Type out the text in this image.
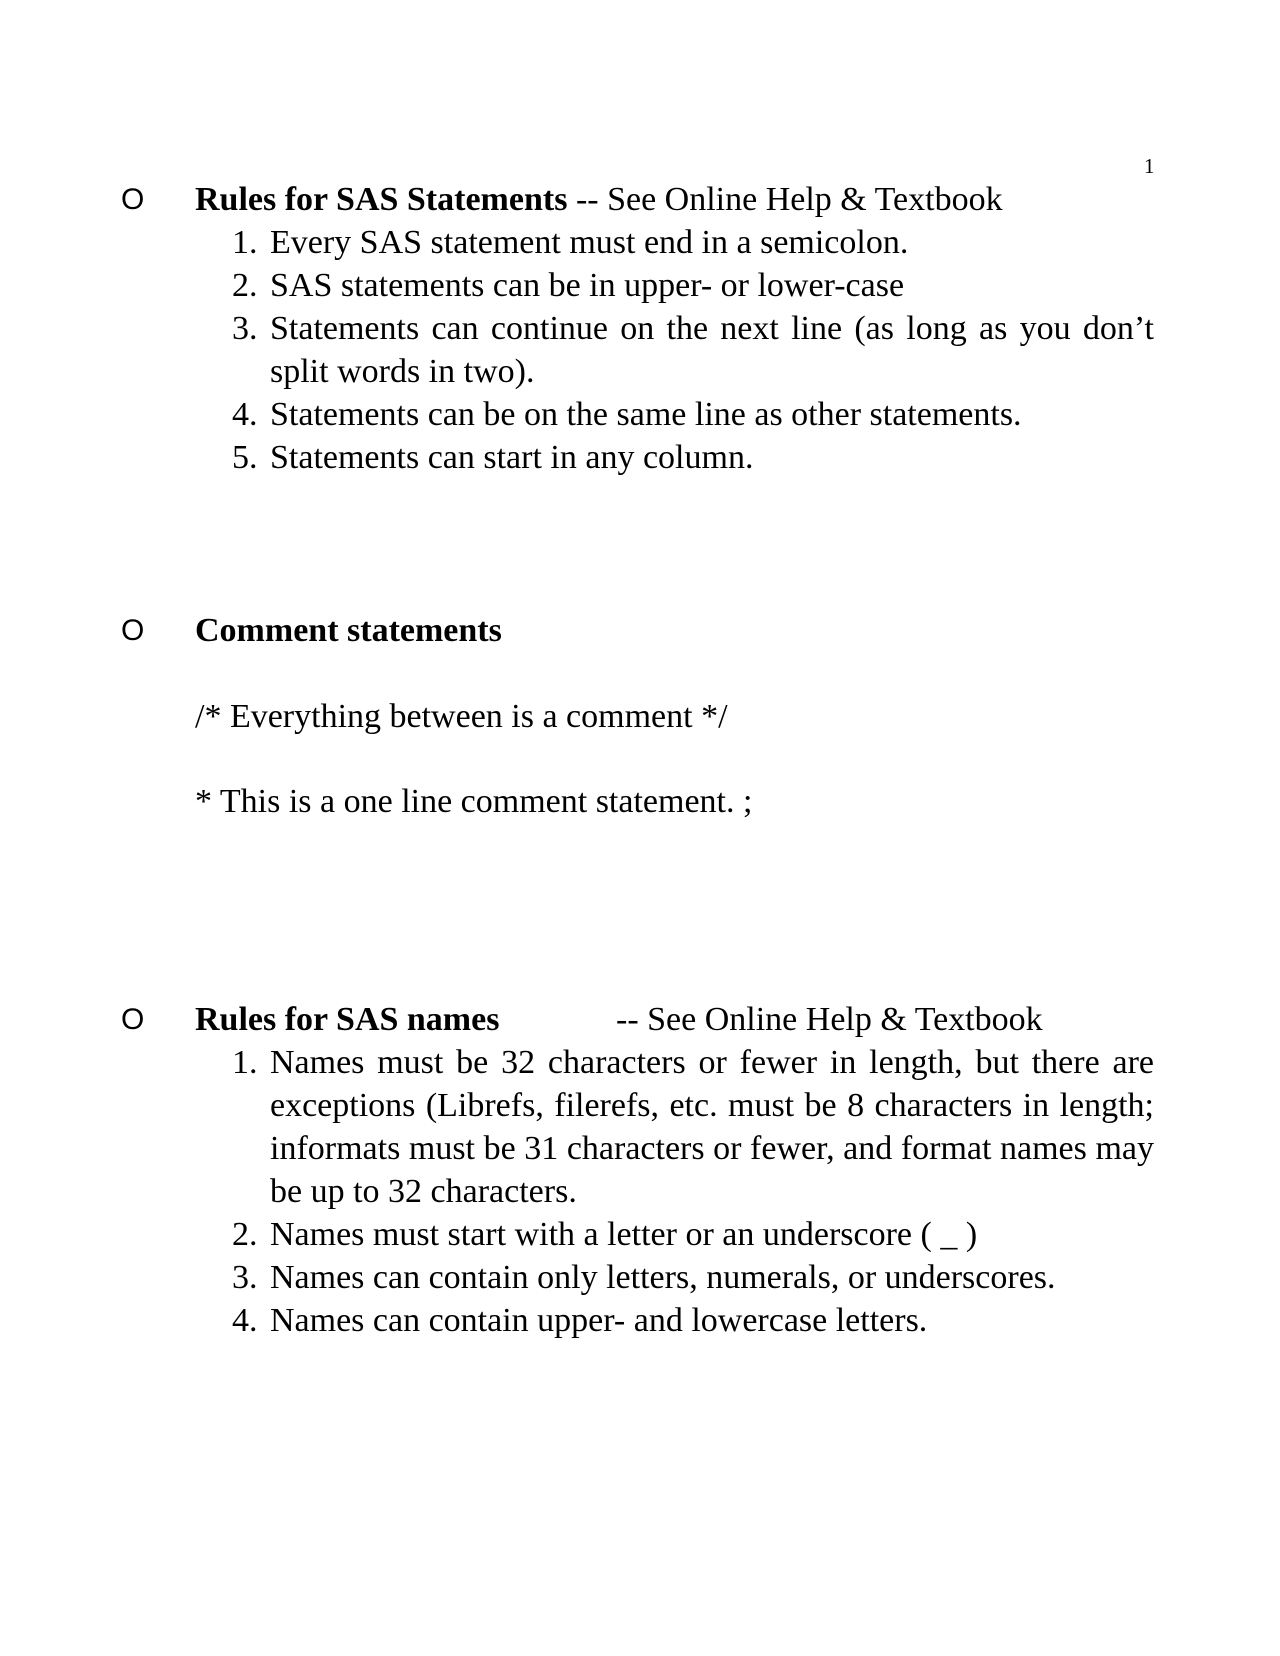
1
O Rules for SAS Statements -- See Online Help & Textbook
1. Every SAS statement must end in a semicolon.
2. SAS statements can be in upper- or lower-case
3. Statements can continue on the next line (as long as you don’t split words in two).
4. Statements can be on the same line as other statements.
5. Statements can start in any column.
O Comment statements
/* Everything between is a comment */
* This is a one line comment statement. ;
O Rules for SAS names	-- See Online Help & Textbook
1. Names must be 32 characters or fewer in length, but there are exceptions (Librefs, filerefs, etc. must be 8 characters in length; informats must be 31 characters or fewer, and format names may be up to 32 characters.
2. Names must start with a letter or an underscore ( _ )
3. Names can contain only letters, numerals, or underscores.
4. Names can contain upper- and lowercase letters.
